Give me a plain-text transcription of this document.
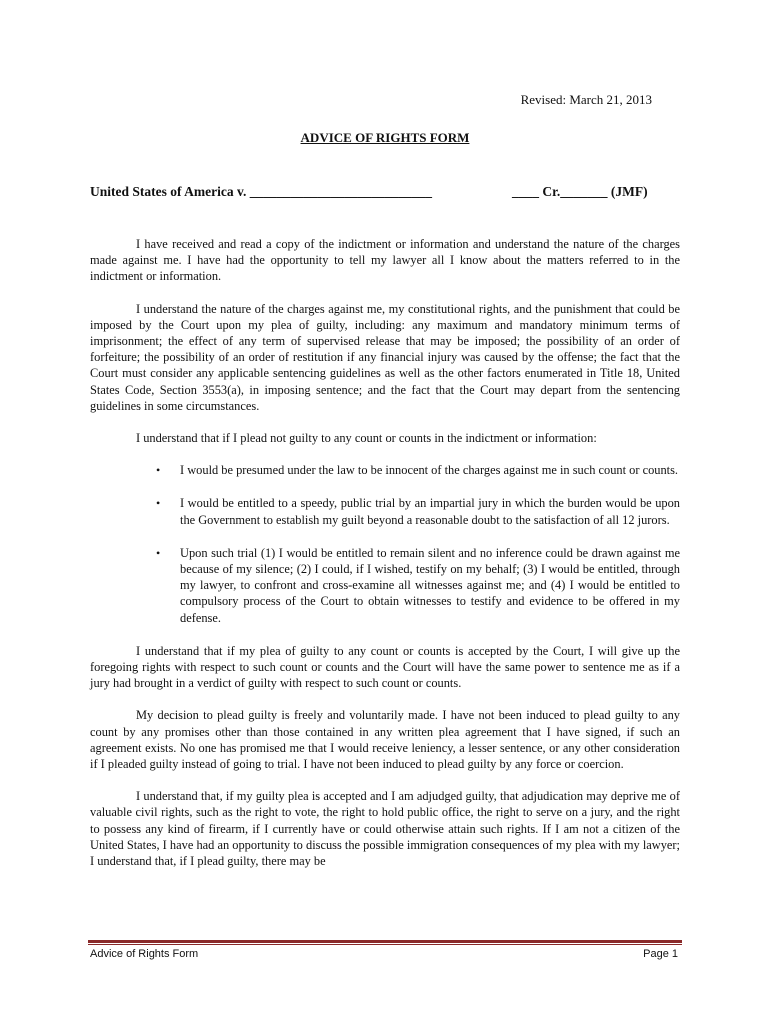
Revised: March 21, 2013
ADVICE OF RIGHTS FORM
United States of America v. ___________________________	____ Cr._______ (JMF)

I have received and read a copy of the indictment or information and understand the nature of the charges made against me. I have had the opportunity to tell my lawyer all I know about the matters referred to in the indictment or information.

I understand the nature of the charges against me, my constitutional rights, and the punishment that could be imposed by the Court upon my plea of guilty, including: any maximum and mandatory minimum terms of imprisonment; the effect of any term of supervised release that may be imposed; the possibility of an order of forfeiture; the possibility of an order of restitution if any financial injury was caused by the offense; the fact that the Court must consider any applicable sentencing guidelines as well as the other factors enumerated in Title 18, United States Code, Section 3553(a), in imposing sentence; and the fact that the Court may depart from the sentencing guidelines in some circumstances.

I understand that if I plead not guilty to any count or counts in the indictment or information:

• I would be presumed under the law to be innocent of the charges against me in such count or counts.
• I would be entitled to a speedy, public trial by an impartial jury in which the burden would be upon the Government to establish my guilt beyond a reasonable doubt to the satisfaction of all 12 jurors.
• Upon such trial (1) I would be entitled to remain silent and no inference could be drawn against me because of my silence; (2) I could, if I wished, testify on my behalf; (3) I would be entitled, through my lawyer, to confront and cross-examine all witnesses against me; and (4) I would be entitled to compulsory process of the Court to obtain witnesses to testify and evidence to be offered in my defense.

I understand that if my plea of guilty to any count or counts is accepted by the Court, I will give up the foregoing rights with respect to such count or counts and the Court will have the same power to sentence me as if a jury had brought in a verdict of guilty with respect to such count or counts.

My decision to plead guilty is freely and voluntarily made. I have not been induced to plead guilty to any count by any promises other than those contained in any written plea agreement that I have signed, if such an agreement exists. No one has promised me that I would receive leniency, a lesser sentence, or any other consideration if I pleaded guilty instead of going to trial. I have not been induced to plead guilty by any force or coercion.

I understand that, if my guilty plea is accepted and I am adjudged guilty, that adjudication may deprive me of valuable civil rights, such as the right to vote, the right to hold public office, the right to serve on a jury, and the right to possess any kind of firearm, if I currently have or could otherwise attain such rights. If I am not a citizen of the United States, I have had an opportunity to discuss the possible immigration consequences of my plea with my lawyer; I understand that, if I plead guilty, there may be

Advice of Rights Form	Page 1
